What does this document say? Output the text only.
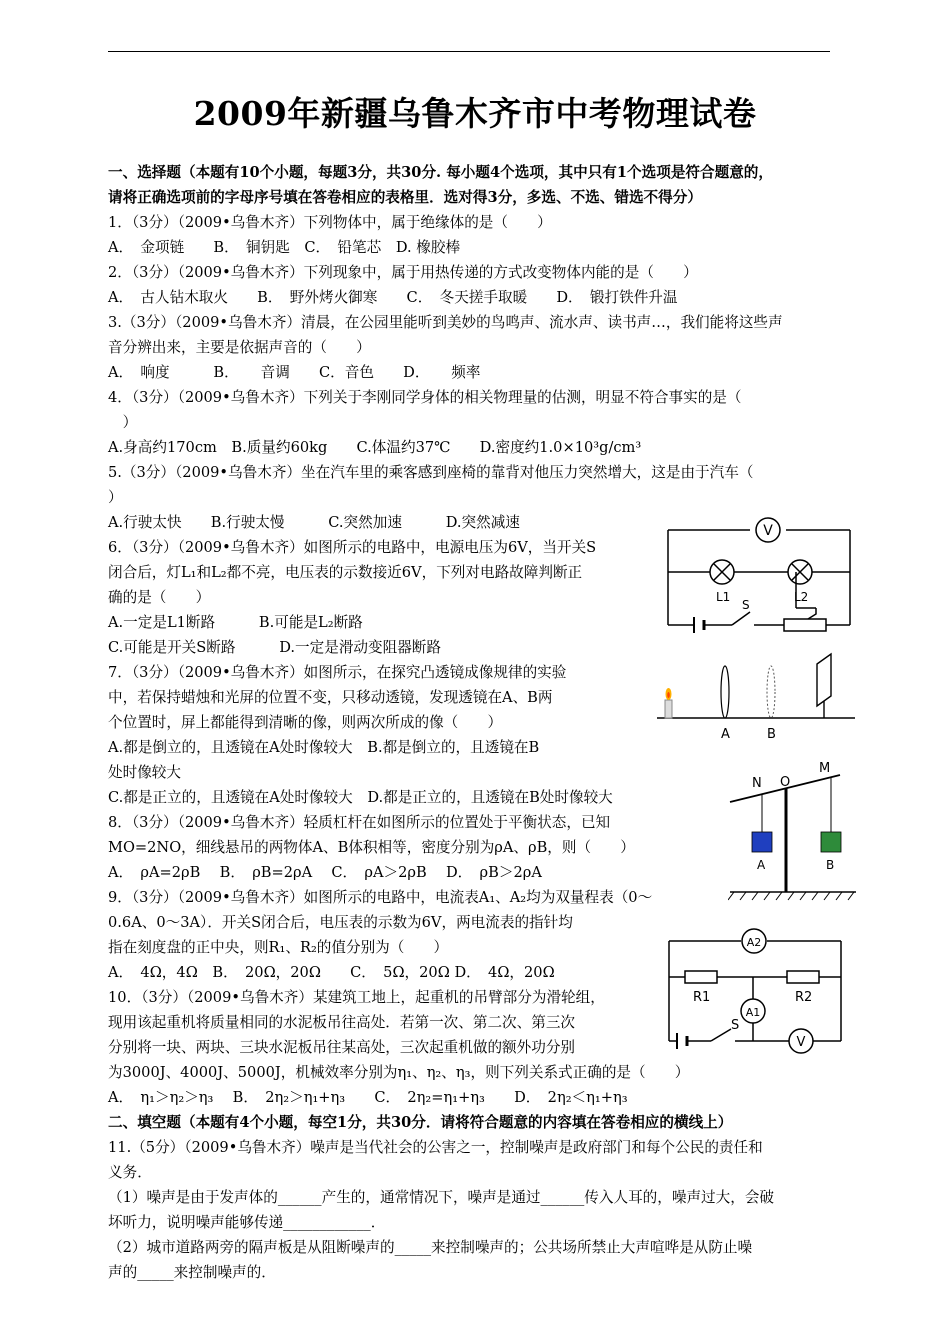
2009年新疆乌鲁木齐市中考物理试卷
一、选择题（本题有10个小题，每题3分，共30分. 每小题4个选项，其中只有1个选项是符合题意的，
请将正确选项前的字母序号填在答卷相应的表格里．选对得3分，多选、不选、错选不得分）
1．（3分）（2009•乌鲁木齐）下列物体中，属于绝缘体的是（　　）
A．　金项链　　B．　铜钥匙　C．　铅笔芯　D. 橡胶棒
2．（3分）（2009•乌鲁木齐）下列现象中，属于用热传递的方式改变物体内能的是（　　）
A．　古人钻木取火　　B．　野外烤火御寒　　C．　冬天搓手取暖　　D．　锻打铁件升温
3.（3分）（2009•乌鲁木齐）清晨，在公园里能听到美妙的鸟鸣声、流水声、读书声…，我们能将这些声
音分辨出来，主要是依据声音的（　　）
A．　响度　　　B．　　音调　　C．音色　　D．　　频率
4．（3分）（2009•乌鲁木齐）下列关于李刚同学身体的相关物理量的估测，明显不符合事实的是（
　）
A.身高约170cm　B.质量约60kg　　C.体温约37℃　　D.密度约1.0×10³g/cm³
5.（3分）（2009•乌鲁木齐）坐在汽车里的乘客感到座椅的靠背对他压力突然增大，这是由于汽车（
）
A.行驶太快　　B.行驶太慢　　　C.突然加速　　　D.突然减速
6．（3分）（2009•乌鲁木齐）如图所示的电路中，电源电压为6V，当开关S
闭合后，灯L₁和L₂都不亮，电压表的示数接近6V，下列对电路故障判断正
确的是（　　）
A.一定是L1断路　　　B.可能是L₂断路
C.可能是开关S断路　　　D.一定是滑动变阻器断路
7．（3分）（2009•乌鲁木齐）如图所示，在探究凸透镜成像规律的实验
中，若保持蜡烛和光屏的位置不变，只移动透镜，发现透镜在A、B两
个位置时，屏上都能得到清晰的像，则两次所成的像（　　）
A.都是倒立的，且透镜在A处时像较大　B.都是倒立的，且透镜在B
处时像较大
C.都是正立的，且透镜在A处时像较大　D.都是正立的，且透镜在B处时像较大
8．（3分）（2009•乌鲁木齐）轻质杠杆在如图所示的位置处于平衡状态，已知
MO=2NO，细线悬吊的两物体A、B体积相等，密度分别为ρA、ρB，则（　　）
A．　ρA=2ρB　 B．　ρB=2ρA　 C．　ρA＞2ρB　 D．　ρB＞2ρA
9．（3分）（2009•乌鲁木齐）如图所示的电路中，电流表A₁、A₂均为双量程表（0～
0.6A、0～3A）．开关S闭合后，电压表的示数为6V，两电流表的指针均
指在刻度盘的正中央，则R₁、R₂的值分别为（　　）
A．　4Ω，4Ω　B．　20Ω，20Ω　　C．　5Ω，20Ω D．　4Ω，20Ω
10．（3分）（2009•乌鲁木齐）某建筑工地上，起重机的吊臂部分为滑轮组，
现用该起重机将质量相同的水泥板吊往高处．若第一次、第二次、第三次
分别将一块、两块、三块水泥板吊往某高处，三次起重机做的额外功分别
为3000J、4000J、5000J，机械效率分别为η₁、η₂、η₃，则下列关系式正确的是（　　）
A．　η₁＞η₂＞η₃　 B．　2η₂＞η₁+η₃　　C．　2η₂=η₁+η₃　　D．　2η₂＜η₁+η₃
二、填空题（本题有4个小题，每空1分，共30分．请将符合题意的内容填在答卷相应的横线上）
11.（5分）（2009•乌鲁木齐）噪声是当代社会的公害之一，控制噪声是政府部门和每个公民的责任和
义务．
（1）噪声是由于发声体的______产生的，通常情况下，噪声是通过______传入人耳的，噪声过大，会破
坏听力，说明噪声能够传递____________．
（2）城市道路两旁的隔声板是从阻断噪声的_____来控制噪声的；公共场所禁止大声喧哗是从防止噪
声的_____来控制噪声的．
V
L1	L2
S
A	B
N O
M
A	B
A2
R1	R2
A1
S
V
